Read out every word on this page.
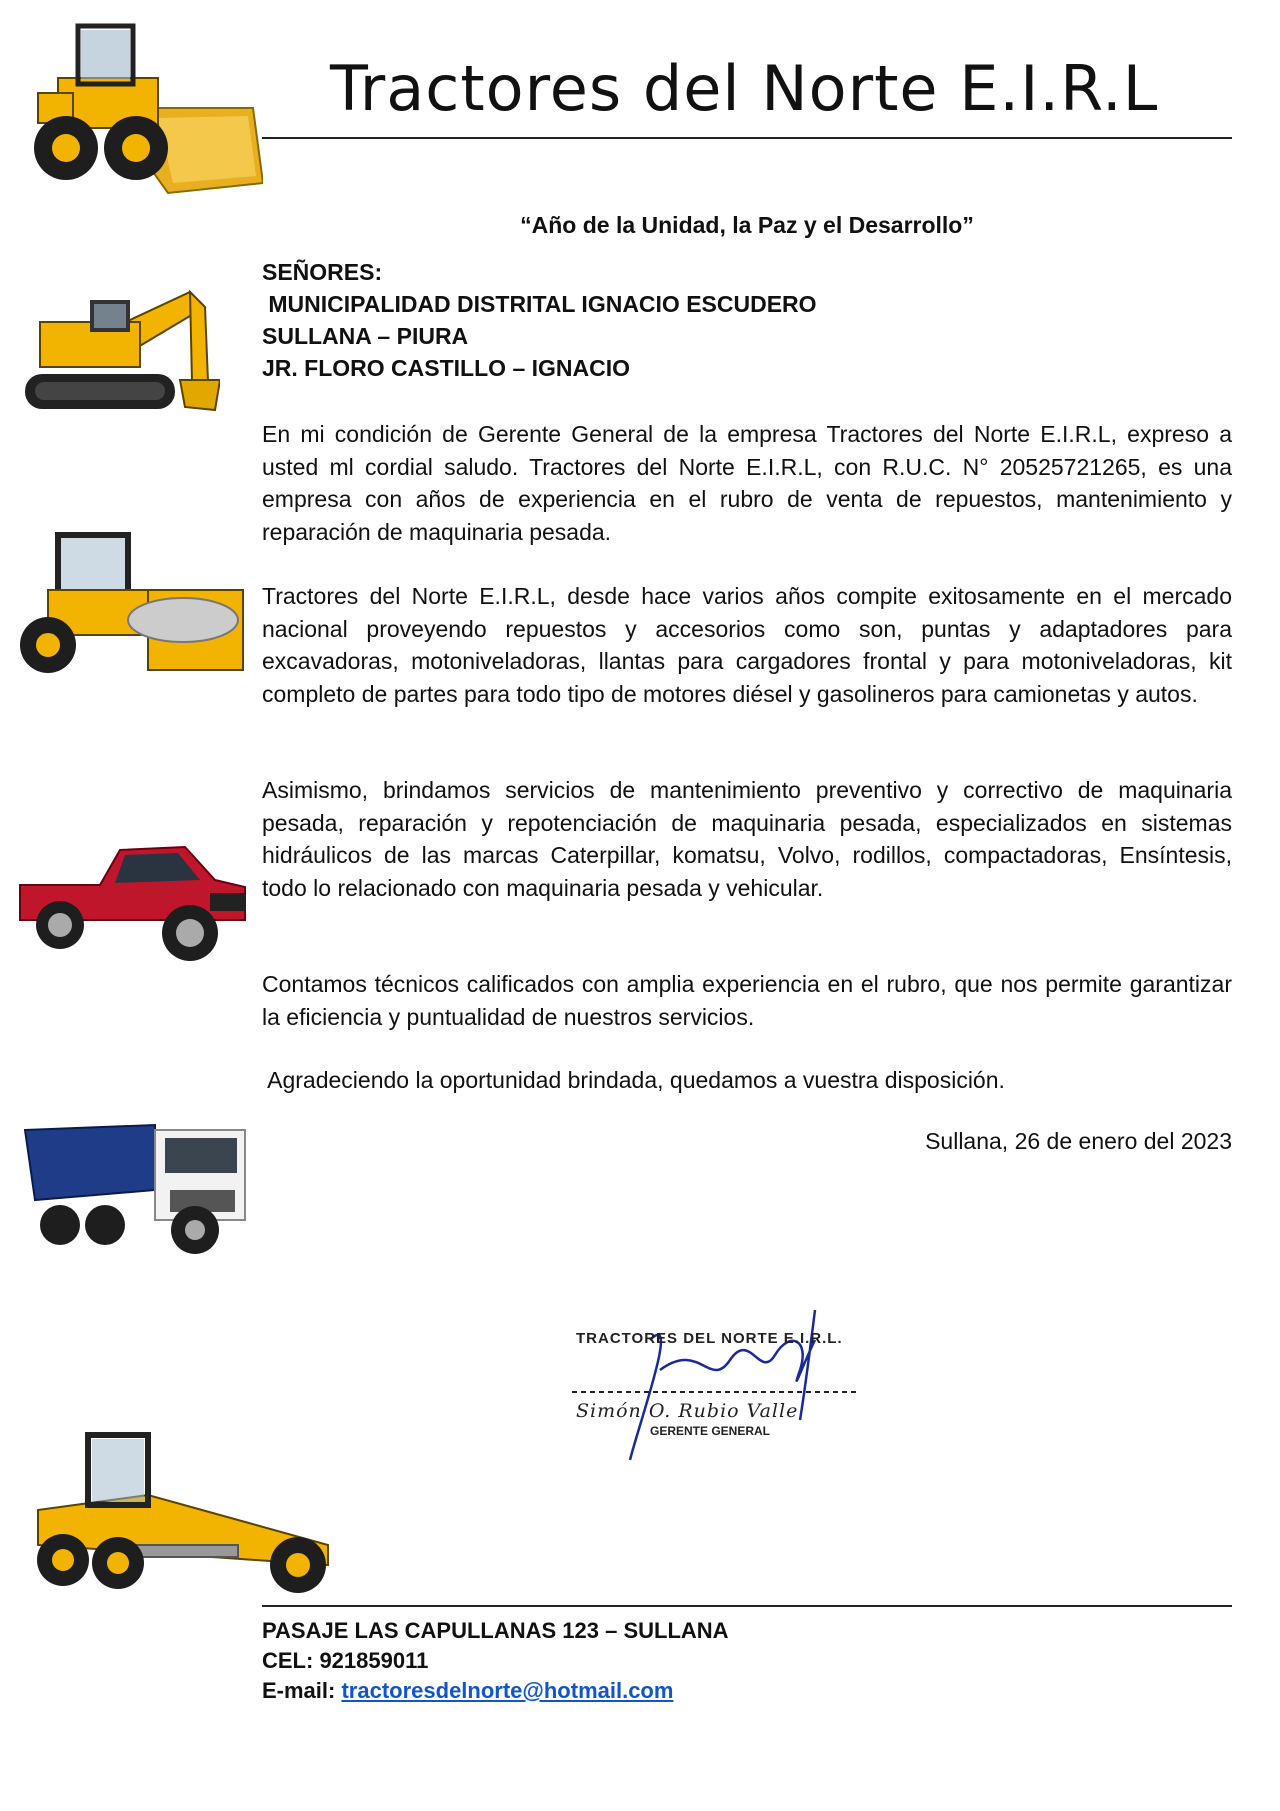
Tractores del Norte E.I.R.L
“Año de la Unidad, la Paz y el Desarrollo”
SEÑORES:
MUNICIPALIDAD DISTRITAL IGNACIO ESCUDERO
SULLANA – PIURA
JR. FLORO CASTILLO – IGNACIO
En mi condición de Gerente General de la empresa Tractores del Norte E.I.R.L, expreso a usted ml cordial saludo. Tractores del Norte E.I.R.L, con R.U.C. N° 20525721265, es una empresa con años de experiencia en el rubro de venta de repuestos, mantenimiento y reparación de maquinaria pesada.
Tractores del Norte E.I.R.L, desde hace varios años compite exitosamente en el mercado nacional proveyendo repuestos y accesorios como son, puntas y adaptadores para excavadoras, motoniveladoras, llantas para cargadores frontal y para motoniveladoras, kit completo de partes para todo tipo de motores diésel y gasolineros para camionetas y autos.
Asimismo, brindamos servicios de mantenimiento preventivo y correctivo de maquinaria pesada, reparación y repotenciación de maquinaria pesada, especializados en sistemas hidráulicos de las marcas Caterpillar, komatsu, Volvo, rodillos, compactadoras, Ensíntesis, todo lo relacionado con maquinaria pesada y vehicular.
Contamos técnicos calificados con amplia experiencia en el rubro, que nos permite garantizar la eficiencia y puntualidad de nuestros servicios.
Agradeciendo la oportunidad brindada, quedamos a vuestra disposición.
Sullana, 26 de enero del 2023
TRACTORES DEL NORTE E.I.R.L.
Simón O. Rubio Valle
GERENTE GENERAL
PASAJE LAS CAPULLANAS 123 – SULLANA
CEL: 921859011
E-mail: tractoresdelnorte@hotmail.com
